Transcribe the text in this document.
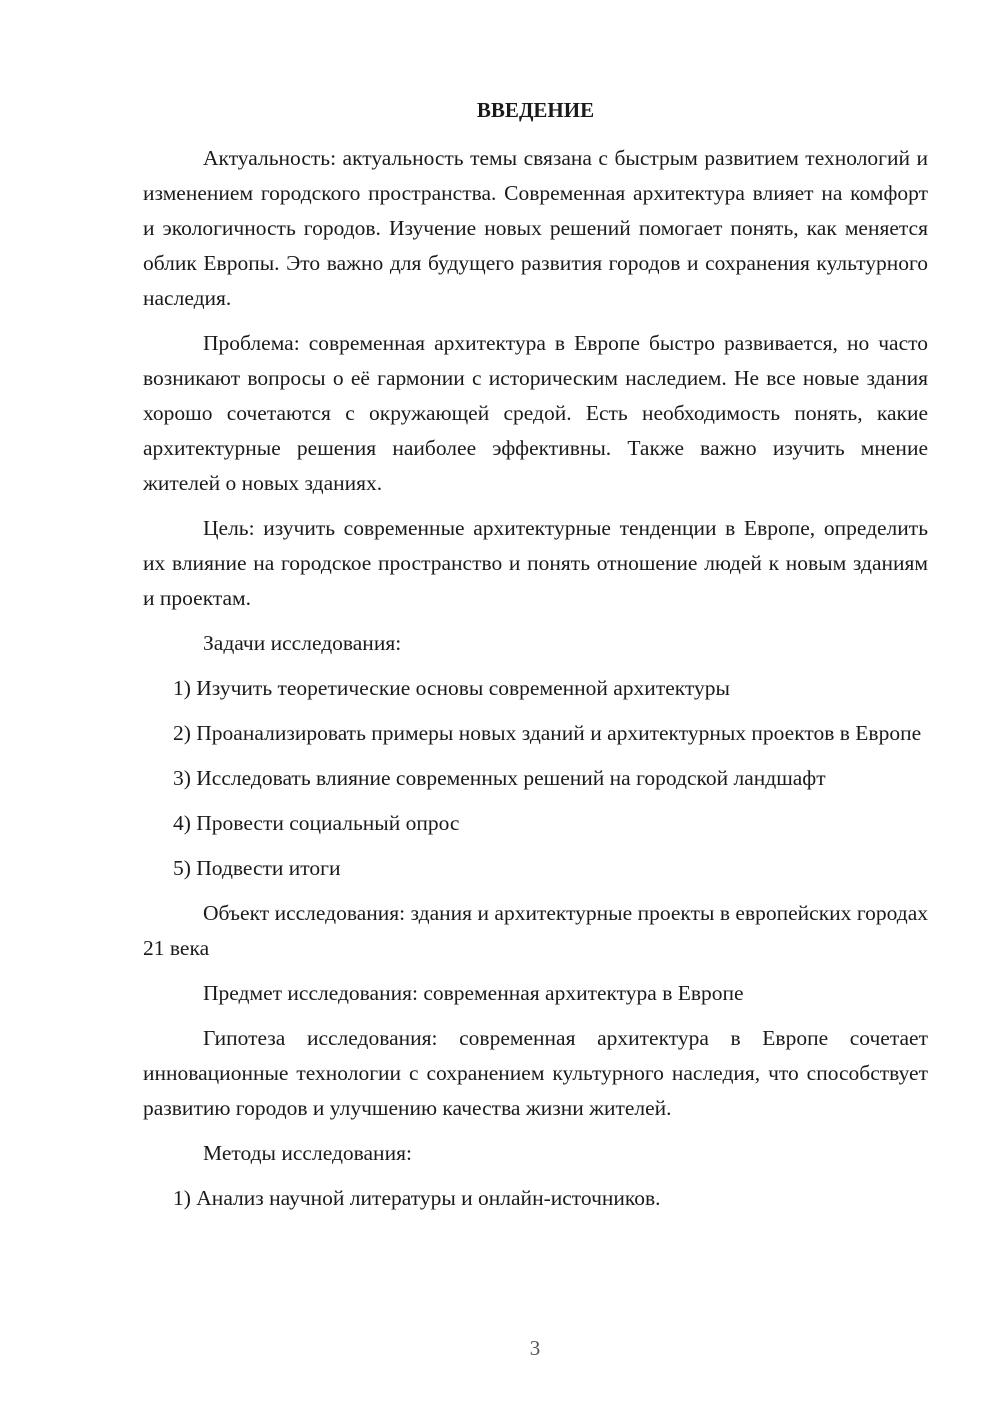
ВВЕДЕНИЕ

Актуальность: актуальность темы связана с быстрым развитием технологий и изменением городского пространства. Современная архитектура влияет на комфорт и экологичность городов. Изучение новых решений помогает понять, как меняется облик Европы. Это важно для будущего развития городов и сохранения культурного наследия.

Проблема: современная архитектура в Европе быстро развивается, но часто возникают вопросы о её гармонии с историческим наследием. Не все новые здания хорошо сочетаются с окружающей средой. Есть необходимость понять, какие архитектурные решения наиболее эффективны. Также важно изучить мнение жителей о новых зданиях.

Цель: изучить современные архитектурные тенденции в Европе, определить их влияние на городское пространство и понять отношение людей к новым зданиям и проектам.

Задачи исследования:

1) Изучить теоретические основы современной архитектуры

2) Проанализировать примеры новых зданий и архитектурных проектов в Европе

3) Исследовать влияние современных решений на городской ландшафт

4) Провести социальный опрос

5) Подвести итоги

Объект исследования: здания и архитектурные проекты в европейских городах 21 века

Предмет исследования: современная архитектура в Европе

Гипотеза исследования: современная архитектура в Европе сочетает инновационные технологии с сохранением культурного наследия, что способствует развитию городов и улучшению качества жизни жителей.

Методы исследования:

1) Анализ научной литературы и онлайн-источников.

3
